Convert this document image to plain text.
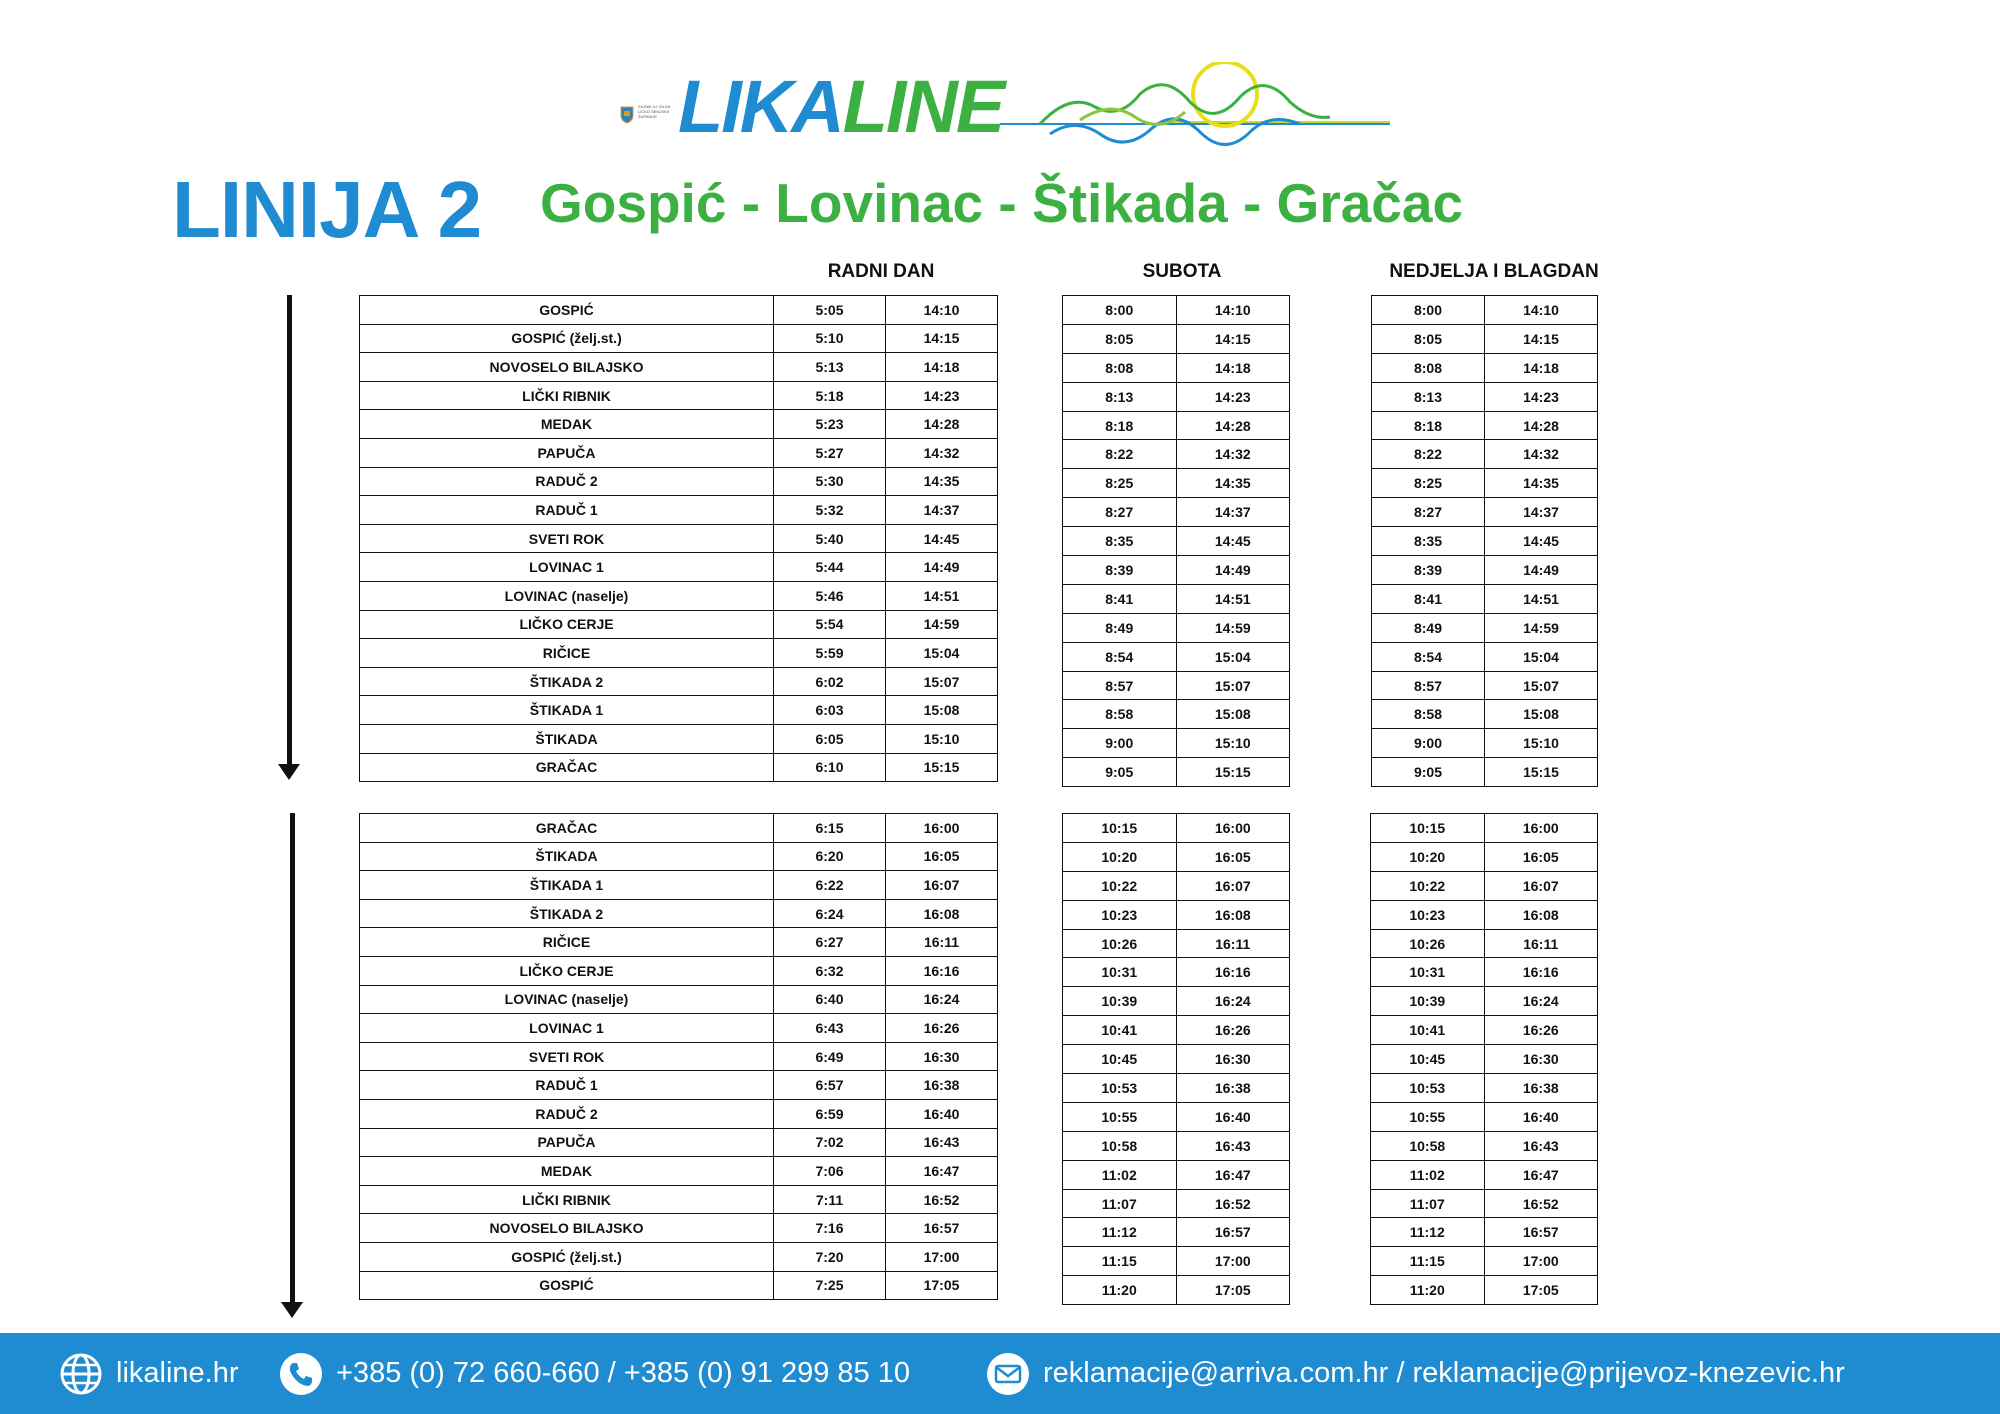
ZAJNIK ILI GILDA LIČKO SENJSKE ŽUPANIJE LIKALINE
LINIJA 2 Gospić - Lovinac - Štikada - Gračac
RADNI DAN	SUBOTA	NEDJELJA I BLAGDAN
GOSPIĆ	5:05	14:10
GOSPIĆ (želj.st.)	5:10	14:15
NOVOSELO BILAJSKO	5:13	14:18
LIČKI RIBNIK	5:18	14:23
MEDAK	5:23	14:28
PAPUČA	5:27	14:32
RADUČ 2	5:30	14:35
RADUČ 1	5:32	14:37
SVETI ROK	5:40	14:45
LOVINAC 1	5:44	14:49
LOVINAC (naselje)	5:46	14:51
LIČKO CERJE	5:54	14:59
RIČICE	5:59	15:04
ŠTIKADA 2	6:02	15:07
ŠTIKADA 1	6:03	15:08
ŠTIKADA	6:05	15:10
GRAČAC	6:10	15:15
8:00	14:10
8:05	14:15
8:08	14:18
8:13	14:23
8:18	14:28
8:22	14:32
8:25	14:35
8:27	14:37
8:35	14:45
8:39	14:49
8:41	14:51
8:49	14:59
8:54	15:04
8:57	15:07
8:58	15:08
9:00	15:10
9:05	15:15
8:00	14:10
8:05	14:15
8:08	14:18
8:13	14:23
8:18	14:28
8:22	14:32
8:25	14:35
8:27	14:37
8:35	14:45
8:39	14:49
8:41	14:51
8:49	14:59
8:54	15:04
8:57	15:07
8:58	15:08
9:00	15:10
9:05	15:15
GRAČAC	6:15	16:00
ŠTIKADA	6:20	16:05
ŠTIKADA 1	6:22	16:07
ŠTIKADA 2	6:24	16:08
RIČICE	6:27	16:11
LIČKO CERJE	6:32	16:16
LOVINAC (naselje)	6:40	16:24
LOVINAC 1	6:43	16:26
SVETI ROK	6:49	16:30
RADUČ 1	6:57	16:38
RADUČ 2	6:59	16:40
PAPUČA	7:02	16:43
MEDAK	7:06	16:47
LIČKI RIBNIK	7:11	16:52
NOVOSELO BILAJSKO	7:16	16:57
GOSPIĆ (želj.st.)	7:20	17:00
GOSPIĆ	7:25	17:05
10:15	16:00
10:20	16:05
10:22	16:07
10:23	16:08
10:26	16:11
10:31	16:16
10:39	16:24
10:41	16:26
10:45	16:30
10:53	16:38
10:55	16:40
10:58	16:43
11:02	16:47
11:07	16:52
11:12	16:57
11:15	17:00
11:20	17:05
10:15	16:00
10:20	16:05
10:22	16:07
10:23	16:08
10:26	16:11
10:31	16:16
10:39	16:24
10:41	16:26
10:45	16:30
10:53	16:38
10:55	16:40
10:58	16:43
11:02	16:47
11:07	16:52
11:12	16:57
11:15	17:00
11:20	17:05
likaline.hr	+385 (0) 72 660-660 / +385 (0) 91 299 85 10	reklamacije@arriva.com.hr / reklamacije@prijevoz-knezevic.hr
